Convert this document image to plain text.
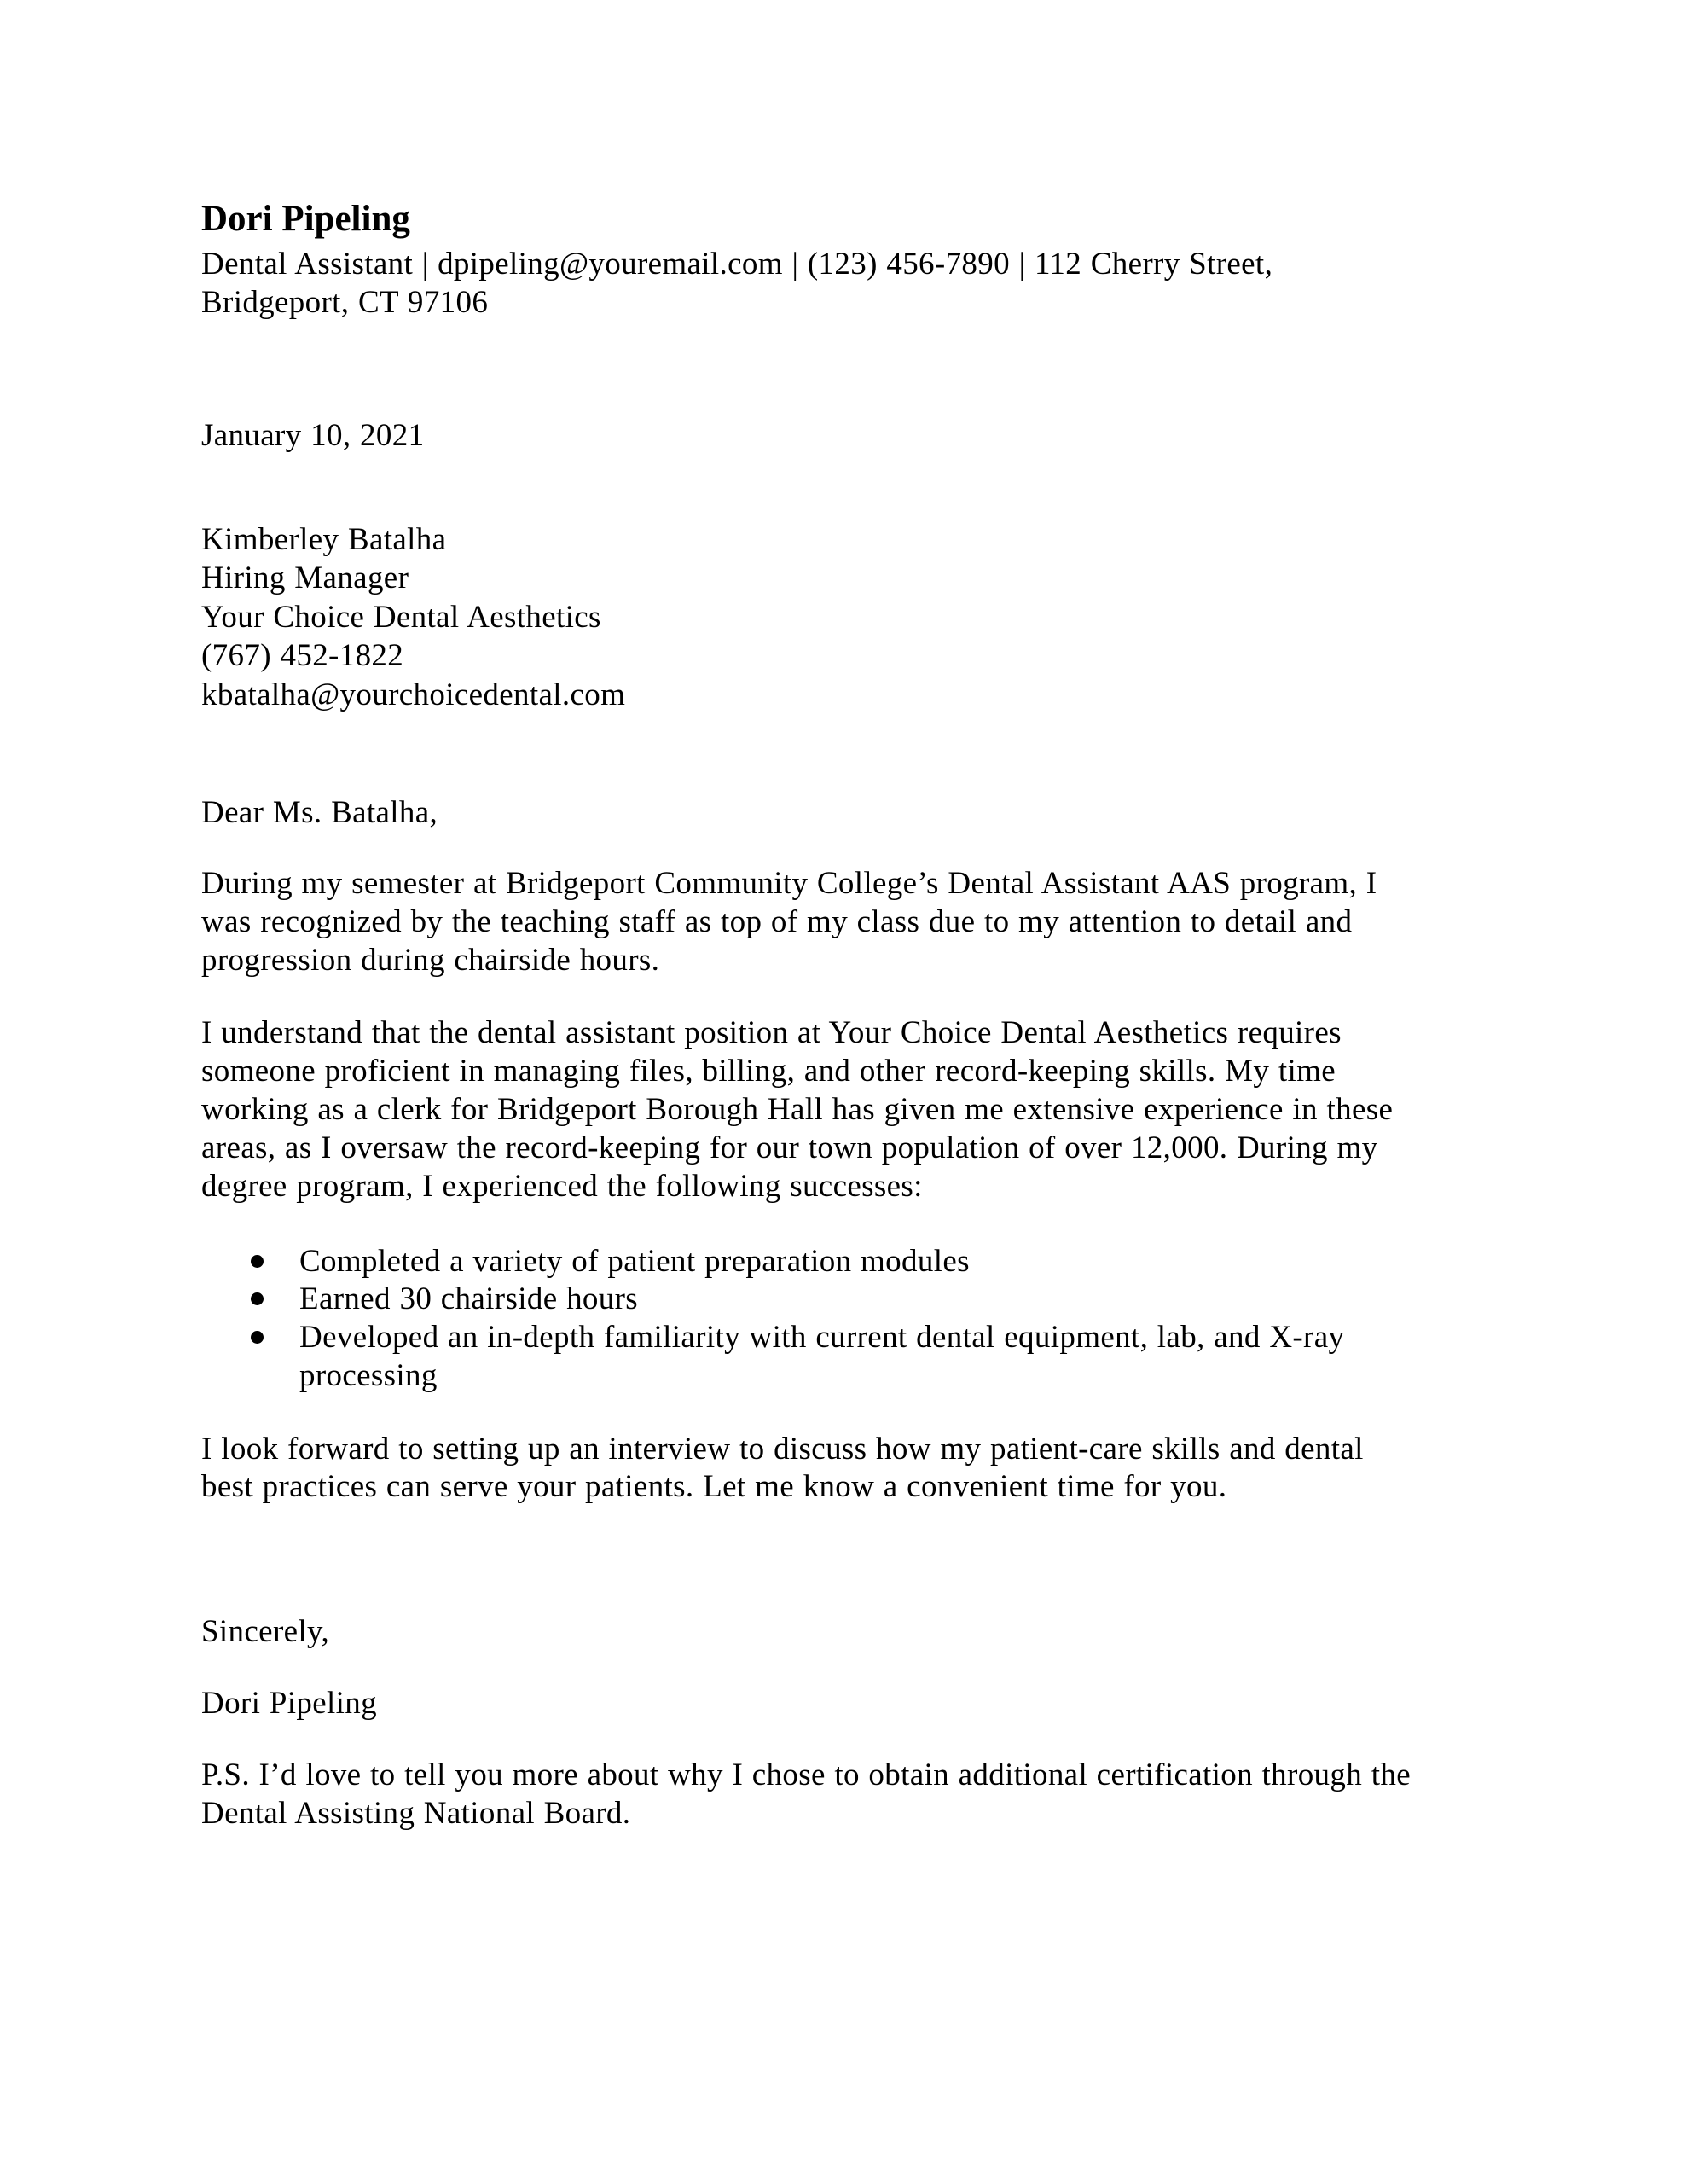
Dori Pipeling
Dental Assistant | dpipeling@youremail.com | (123) 456-7890 | 112 Cherry Street,
Bridgeport, CT 97106
January 10, 2021
Kimberley Batalha
Hiring Manager
Your Choice Dental Aesthetics
(767) 452-1822
kbatalha@yourchoicedental.com
Dear Ms. Batalha,
During my semester at Bridgeport Community College’s Dental Assistant AAS program, I
was recognized by the teaching staff as top of my class due to my attention to detail and
progression during chairside hours.
I understand that the dental assistant position at Your Choice Dental Aesthetics requires
someone proficient in managing files, billing, and other record-keeping skills. My time
working as a clerk for Bridgeport Borough Hall has given me extensive experience in these
areas, as I oversaw the record-keeping for our town population of over 12,000. During my
degree program, I experienced the following successes:
Completed a variety of patient preparation modules
Earned 30 chairside hours
Developed an in-depth familiarity with current dental equipment, lab, and X-ray
processing
I look forward to setting up an interview to discuss how my patient-care skills and dental
best practices can serve your patients. Let me know a convenient time for you.
Sincerely,
Dori Pipeling
P.S. I’d love to tell you more about why I chose to obtain additional certification through the
Dental Assisting National Board.
